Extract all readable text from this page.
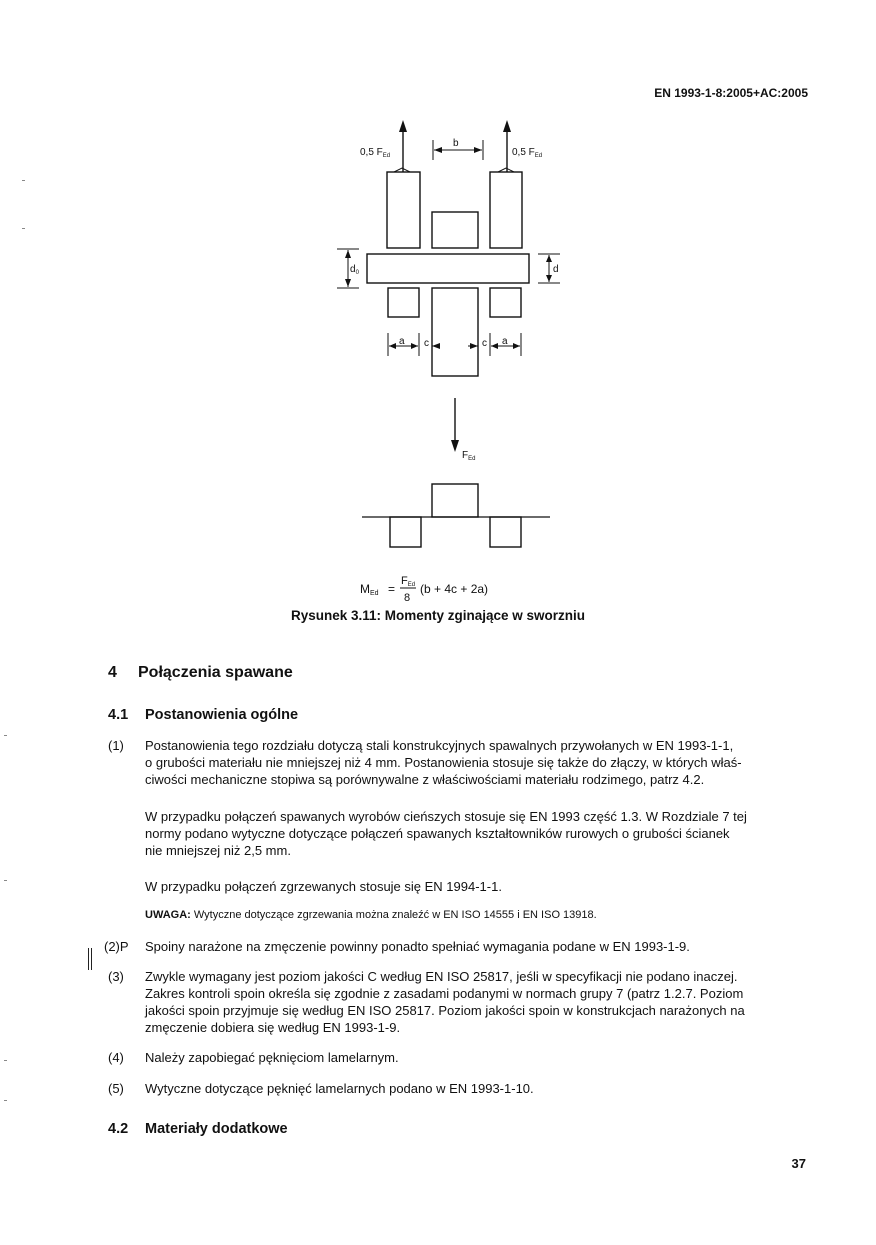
EN 1993-1-8:2005+AC:2005
0,5 $F_{Ed}$	0,5 $F_{Ed}$
b
$d_0$	d
a c	c a
$F_{Ed}$
MEd =
FEd
8
(b + 4c + 2a)
Rysunek 3.11: Momenty zginające w sworzniu
4 Połączenia spawane
4.1 Postanowienia ogólne
(1) Postanowienia tego rozdziału dotyczą stali konstrukcyjnych spawalnych przywołanych w EN 1993-1-1,
o grubości materiału nie mniejszej niż 4 mm. Postanowienia stosuje się także do złączy, w których właś-
ciwości mechaniczne stopiwa są porównywalne z właściwościami materiału rodzimego, patrz 4.2.
W przypadku połączeń spawanych wyrobów cieńszych stosuje się EN 1993 część 1.3. W Rozdziale 7 tej
normy podano wytyczne dotyczące połączeń spawanych kształtowników rurowych o grubości ścianek
nie mniejszej niż 2,5 mm.
W przypadku połączeń zgrzewanych stosuje się EN 1994-1-1.
UWAGA: Wytyczne dotyczące zgrzewania można znaleźć w EN ISO 14555 i EN ISO 13918.
(2)P Spoiny narażone na zmęczenie powinny ponadto spełniać wymagania podane w EN 1993-1-9.
(3) Zwykle wymagany jest poziom jakości C według EN ISO 25817, jeśli w specyfikacji nie podano inaczej.
Zakres kontroli spoin określa się zgodnie z zasadami podanymi w normach grupy 7 (patrz 1.2.7. Poziom
jakości spoin przyjmuje się według EN ISO 25817. Poziom jakości spoin w konstrukcjach narażonych na
zmęczenie dobiera się według EN 1993-1-9.
(4) Należy zapobiegać pęknięciom lamelarnym.
(5) Wytyczne dotyczące pęknięć lamelarnych podano w EN 1993-1-10.
4.2 Materiały dodatkowe
37
